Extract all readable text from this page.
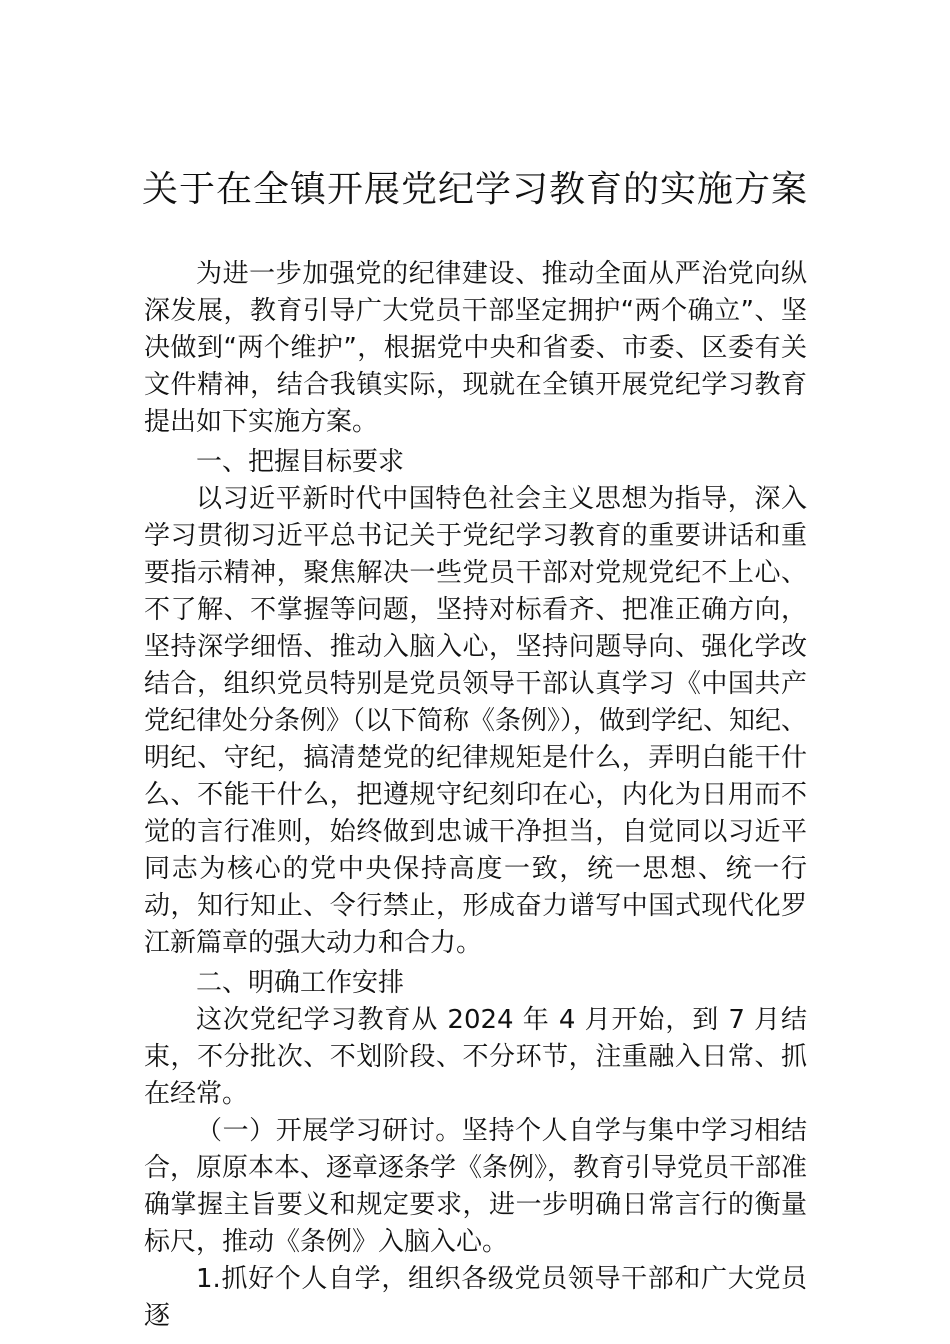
关于在全镇开展党纪学习教育的实施方案

为进一步加强党的纪律建设、推动全面从严治党向纵深发展，教育引导广大党员干部坚定拥护“两个确立”、坚决做到“两个维护”，根据党中央和省委、市委、区委有关文件精神，结合我镇实际，现就在全镇开展党纪学习教育提出如下实施方案。

一、把握目标要求

以习近平新时代中国特色社会主义思想为指导，深入学习贯彻习近平总书记关于党纪学习教育的重要讲话和重要指示精神，聚焦解决一些党员干部对党规党纪不上心、不了解、不掌握等问题，坚持对标看齐、把准正确方向，坚持深学细悟、推动入脑入心，坚持问题导向、强化学改结合，组织党员特别是党员领导干部认真学习《中国共产党纪律处分条例》（以下简称《条例》），做到学纪、知纪、明纪、守纪，搞清楚党的纪律规矩是什么，弄明白能干什么、不能干什么，把遵规守纪刻印在心，内化为日用而不觉的言行准则，始终做到忠诚干净担当，自觉同以习近平同志为核心的党中央保持高度一致，统一思想、统一行动，知行知止、令行禁止，形成奋力谱写中国式现代化罗江新篇章的强大动力和合力。

二、明确工作安排

这次党纪学习教育从 2024 年 4 月开始，到 7 月结束，不分批次、不划阶段、不分环节，注重融入日常、抓在经常。

（一）开展学习研讨。坚持个人自学与集中学习相结合，原原本本、逐章逐条学《条例》，教育引导党员干部准确掌握主旨要义和规定要求，进一步明确日常言行的衡量标尺，推动《条例》入脑入心。

1.抓好个人自学，组织各级党员领导干部和广大党员逐
